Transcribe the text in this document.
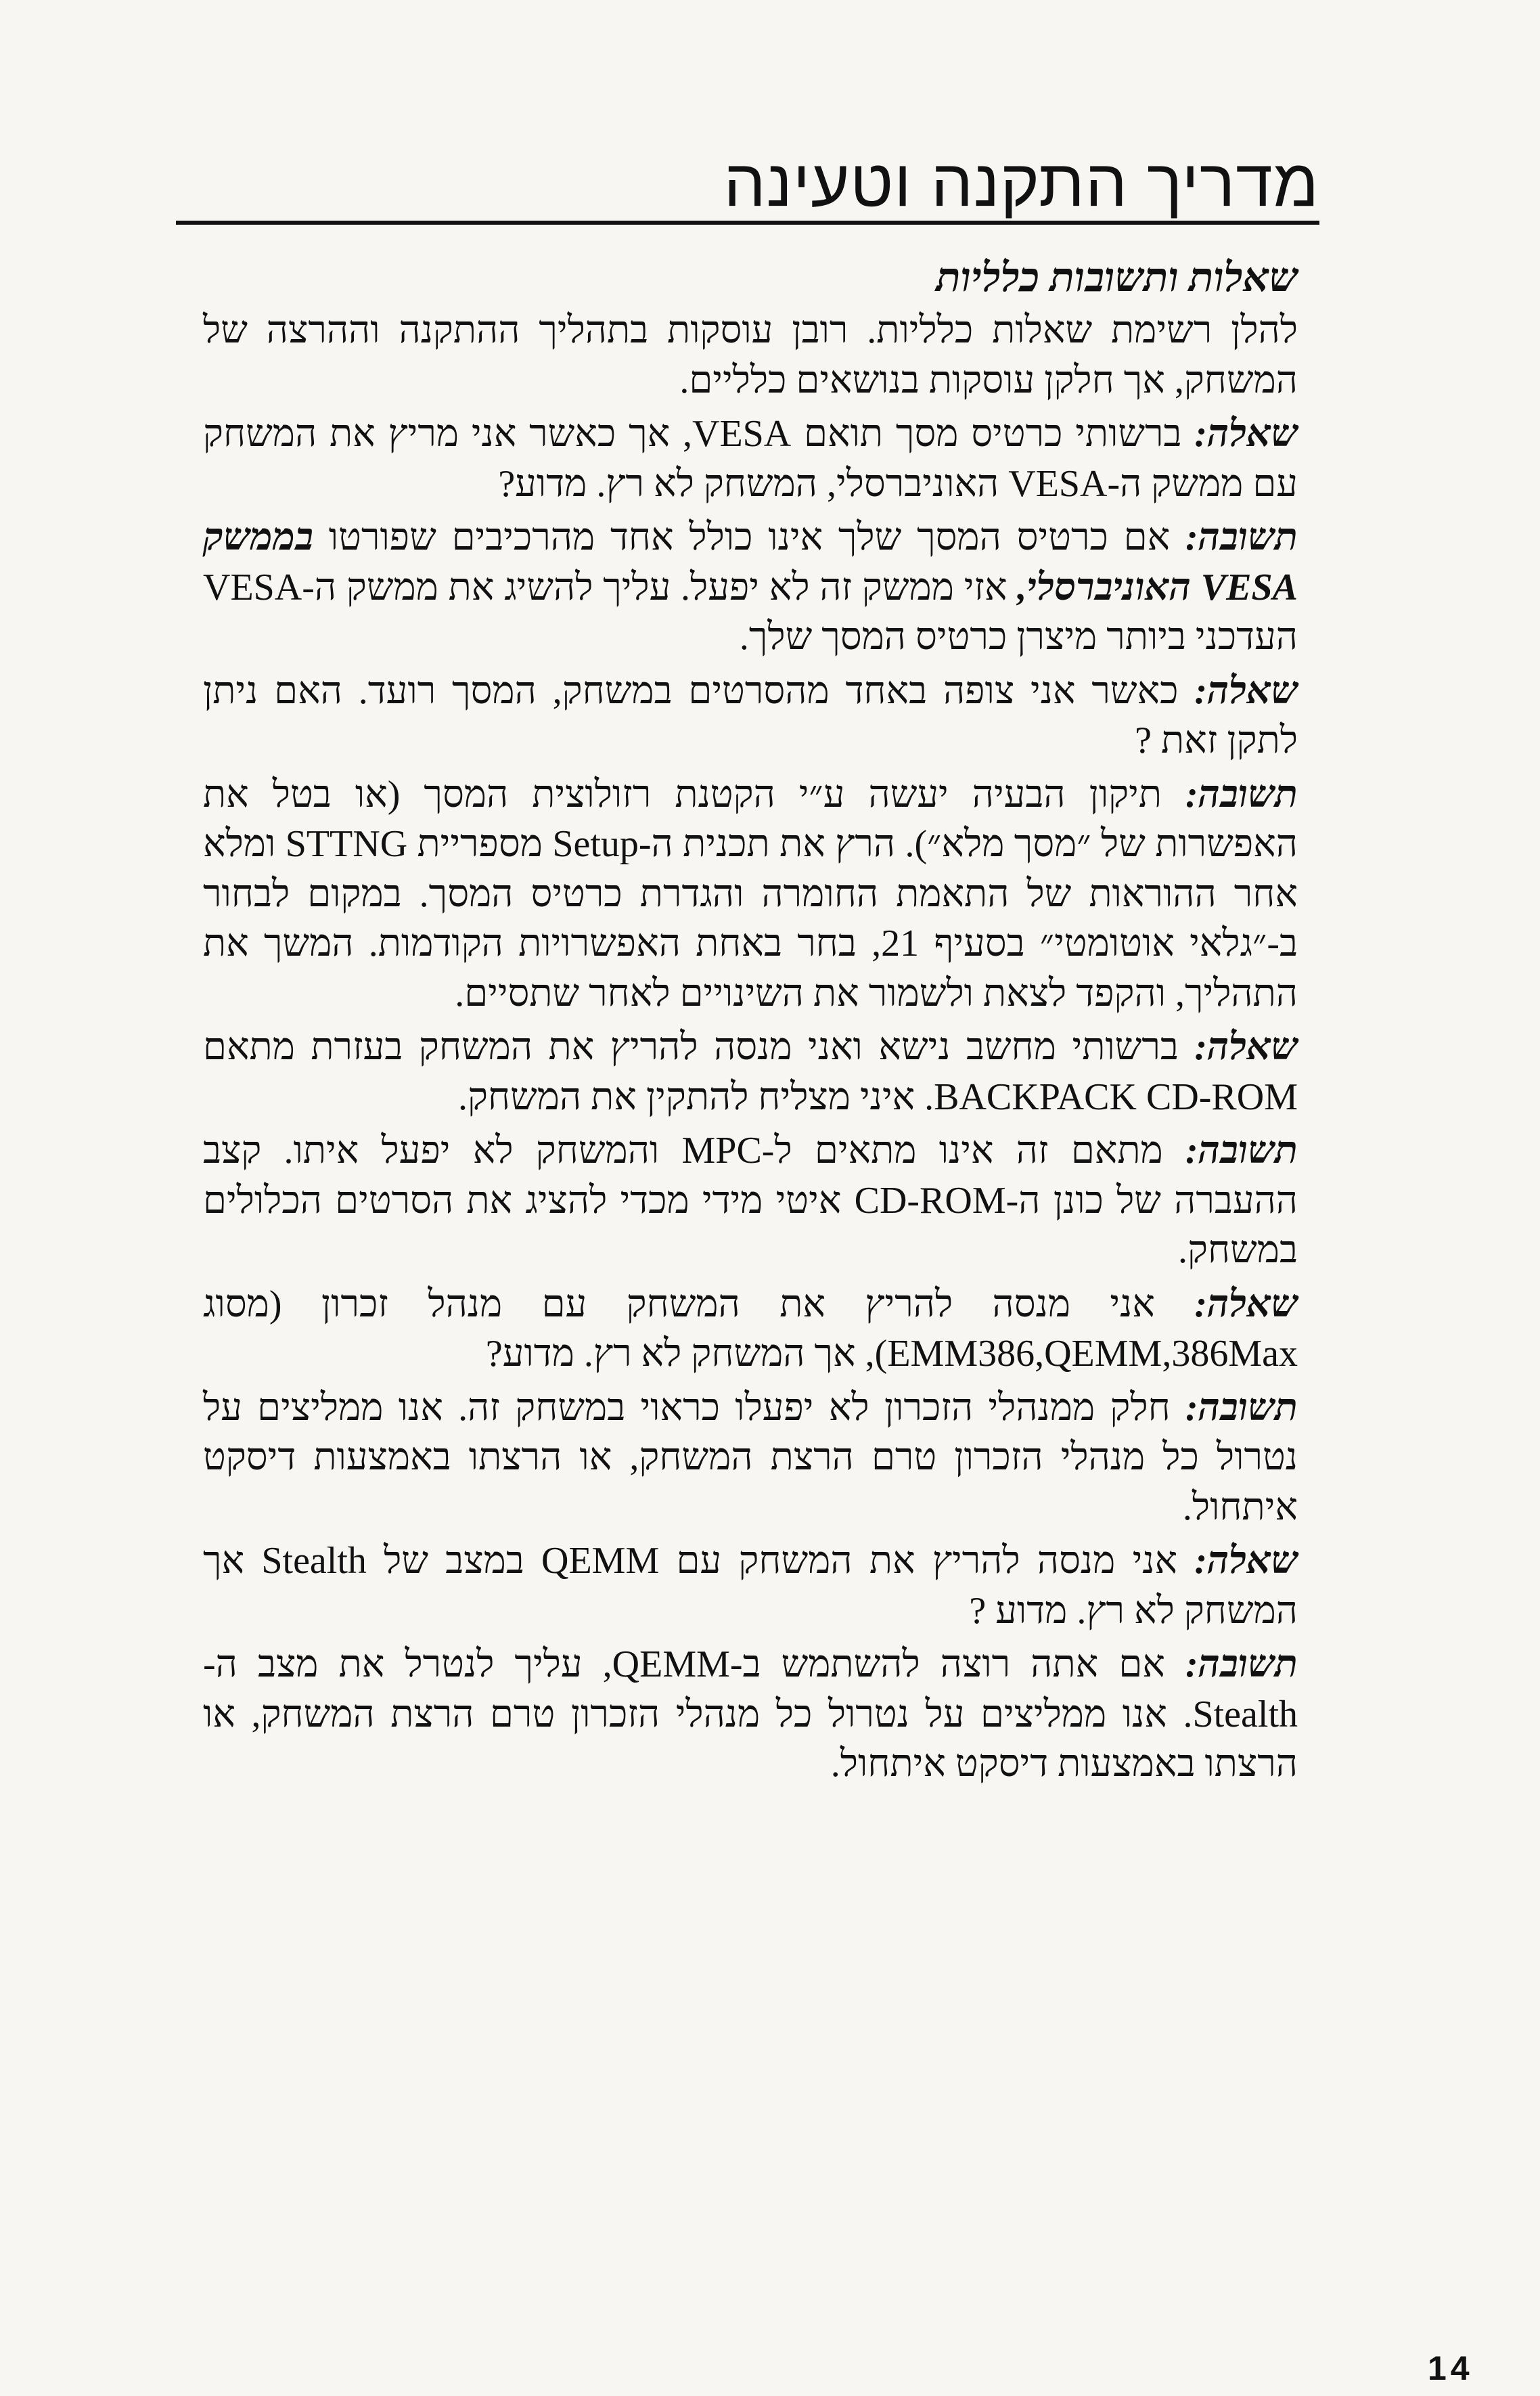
מדריך התקנה וטעינה
שאלות ותשובות כלליות
להלן רשימת שאלות כלליות. רובן עוסקות בתהליך ההתקנה וההרצה של המשחק, אך חלקן עוסקות בנושאים כלליים.
שאלה: ברשותי כרטיס מסך תואם VESA, אך כאשר אני מריץ את המשחק עם ממשק ה-VESA האוניברסלי, המשחק לא רץ. מדוע?
תשובה: אם כרטיס המסך שלך אינו כולל אחד מהרכיבים שפורטו בממשק VESA האוניברסלי, אזי ממשק זה לא יפעל. עליך להשיג את ממשק ה-VESA העדכני ביותר מיצרן כרטיס המסך שלך.
שאלה: כאשר אני צופה באחד מהסרטים במשחק, המסך רועד. האם ניתן לתקן זאת ?
תשובה: תיקון הבעיה יעשה ע״י הקטנת רזולוצית המסך (או בטל את האפשרות של ״מסך מלא״). הרץ את תכנית ה-Setup מספריית STTNG ומלא אחר ההוראות של התאמת החומרה והגדרת כרטיס המסך. במקום לבחור ב-״גלאי אוטומטי״ בסעיף 21, בחר באחת האפשרויות הקודמות. המשך את התהליך, והקפד לצאת ולשמור את השינויים לאחר שתסיים.
שאלה: ברשותי מחשב נישא ואני מנסה להריץ את המשחק בעזרת מתאם BACKPACK CD-ROM. איני מצליח להתקין את המשחק.
תשובה: מתאם זה אינו מתאים ל-MPC והמשחק לא יפעל איתו. קצב ההעברה של כונן ה-CD-ROM איטי מידי מכדי להציג את הסרטים הכלולים במשחק.
שאלה: אני מנסה להריץ את המשחק עם מנהל זכרון (מסוג EMM386,QEMM,386Max), אך המשחק לא רץ. מדוע?
תשובה: חלק ממנהלי הזכרון לא יפעלו כראוי במשחק זה. אנו ממליצים על נטרול כל מנהלי הזכרון טרם הרצת המשחק, או הרצתו באמצעות דיסקט איתחול.
שאלה: אני מנסה להריץ את המשחק עם QEMM במצב של Stealth אך המשחק לא רץ. מדוע ?
תשובה: אם אתה רוצה להשתמש ב-QEMM, עליך לנטרל את מצב ה-Stealth. אנו ממליצים על נטרול כל מנהלי הזכרון טרם הרצת המשחק, או הרצתו באמצעות דיסקט איתחול.
14
